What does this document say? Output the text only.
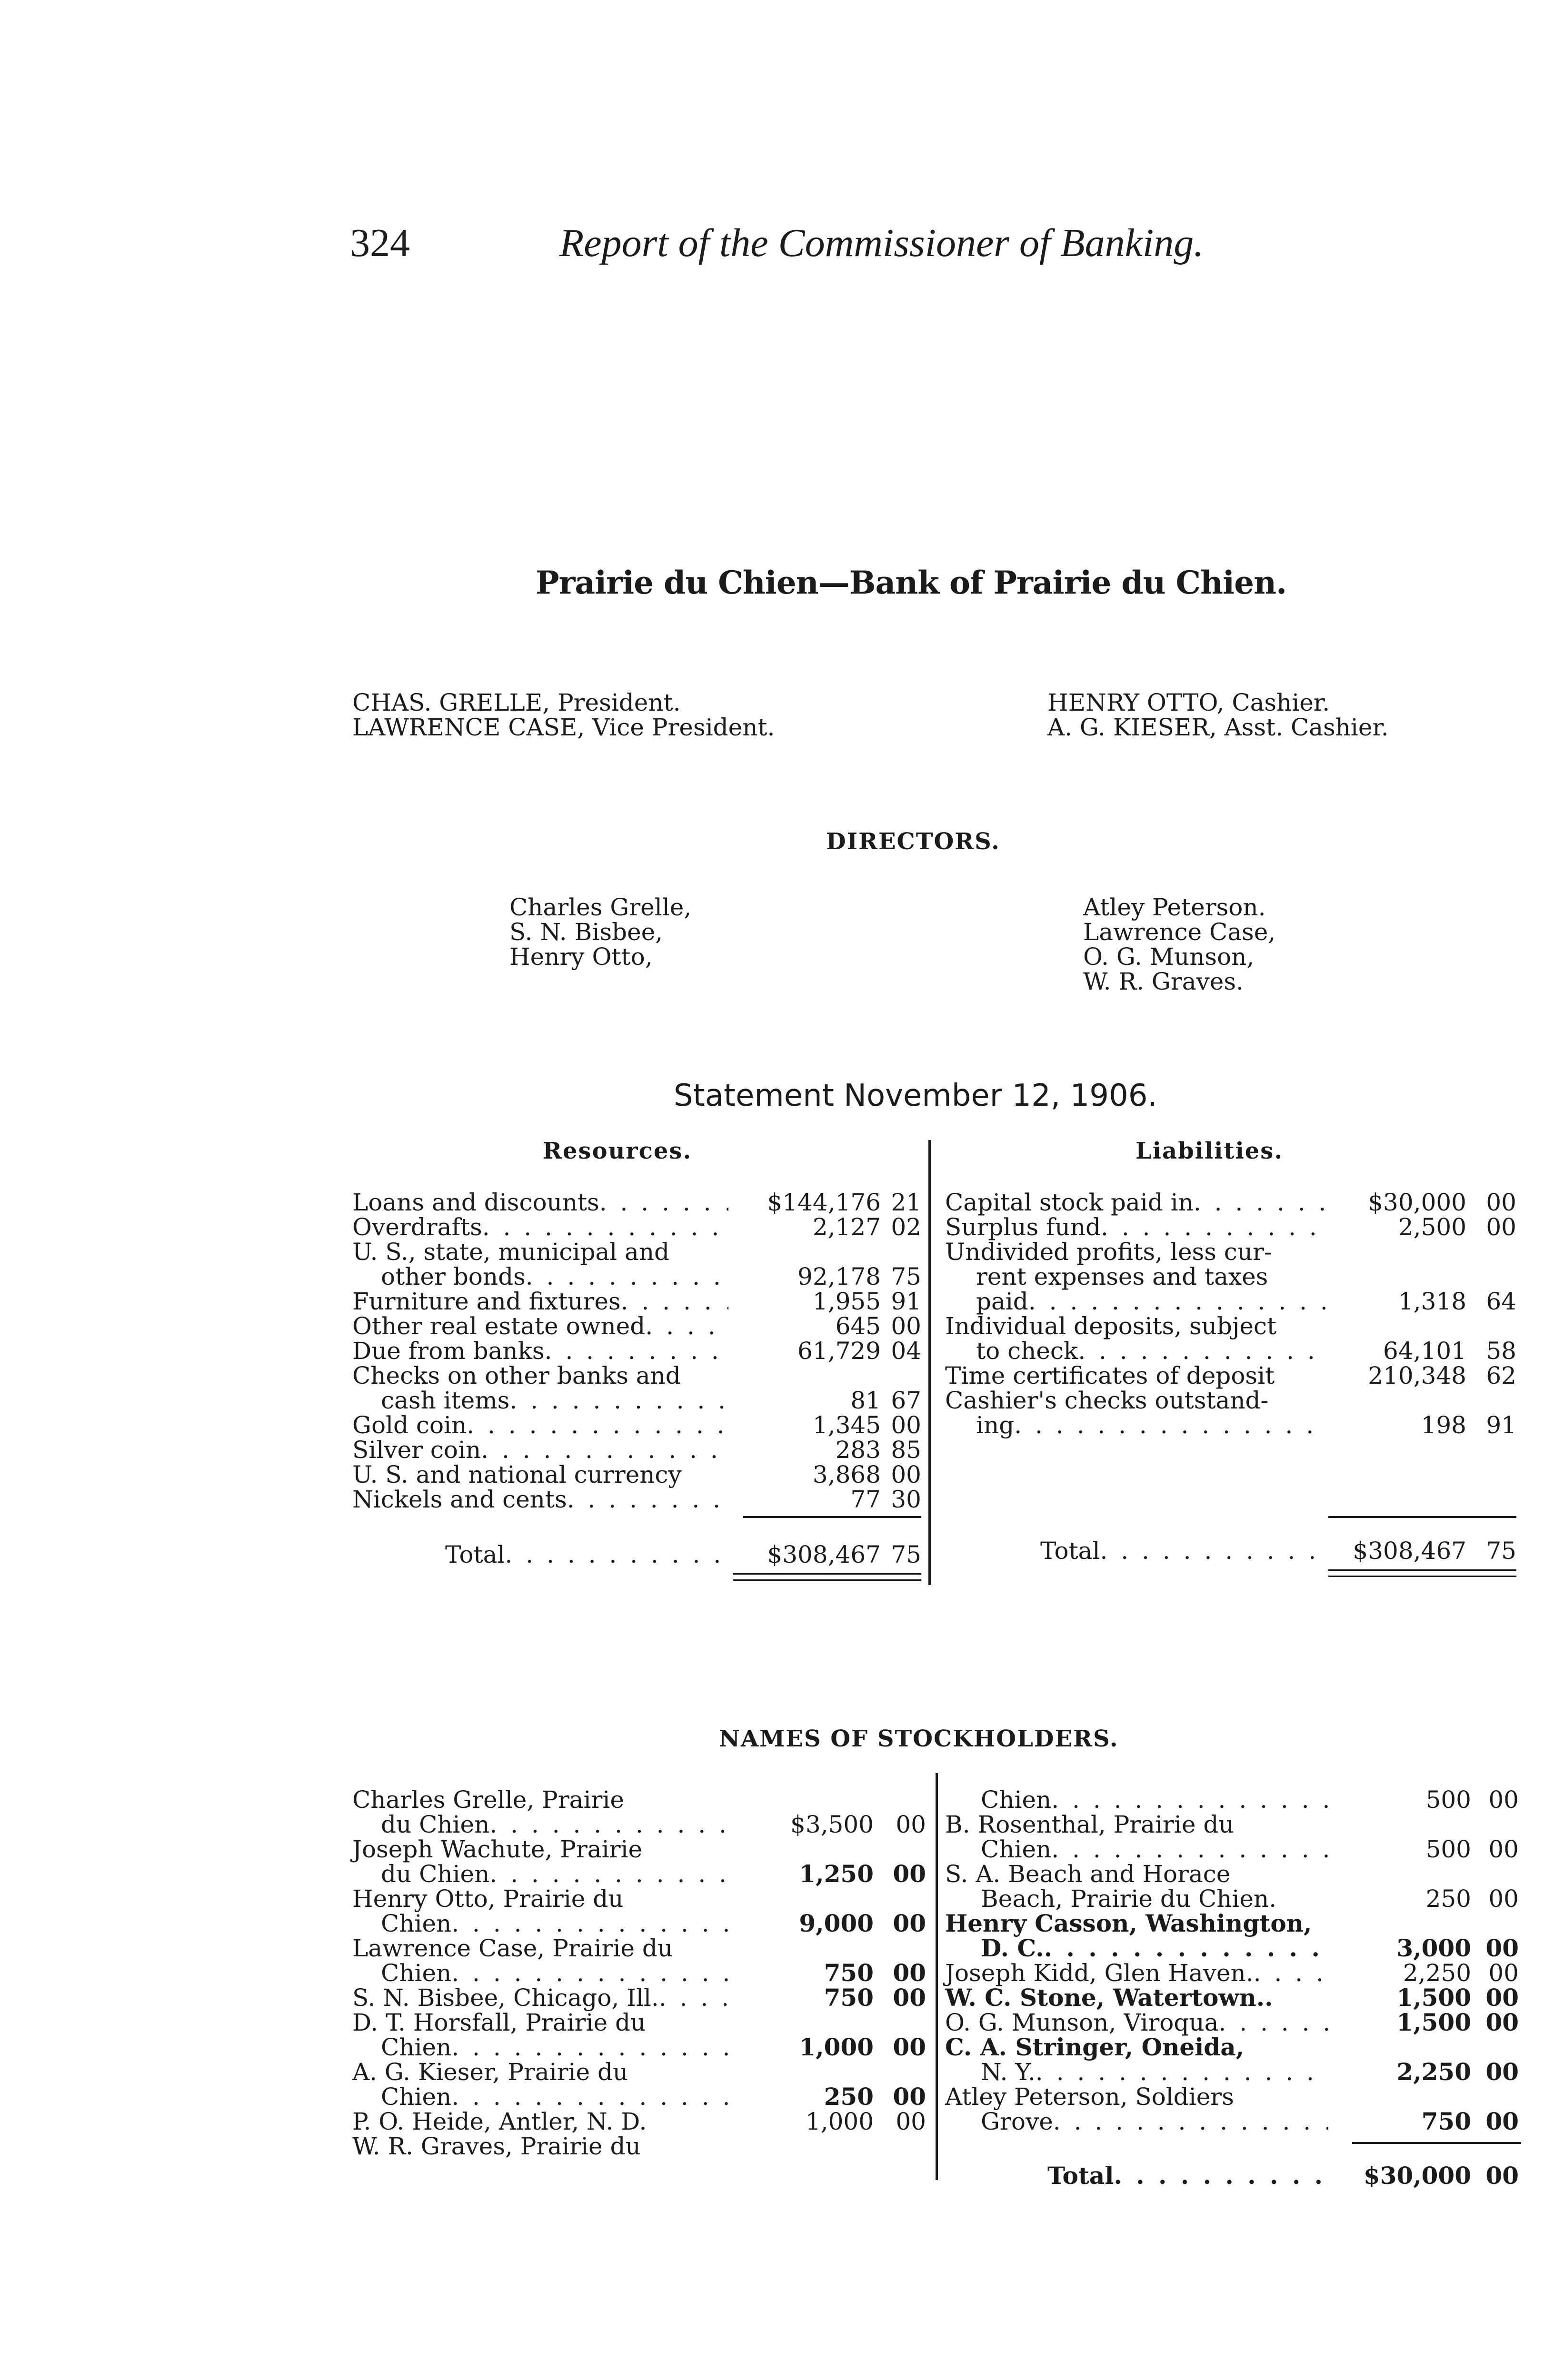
324	Report of the Commissioner of Banking.
Prairie du Chien—Bank of Prairie du Chien.
CHAS. GRELLE, President.
LAWRENCE CASE, Vice President.
HENRY OTTO, Cashier.
A. G. KIESER, Asst. Cashier.
DIRECTORS.
Charles Grelle,
S. N. Bisbee,
Henry Otto,
Atley Peterson.
Lawrence Case,
O. G. Munson,
W. R. Graves.
Statement November 12, 1906.
Resources.	Liabilities.
Loans and discounts . . .	$144,176 21
Overdrafts . . .	2,127 02
U. S., state, municipal and
other bonds . . .	92,178 75
Furniture and fixtures . . .	1,955 91
Other real estate owned . . .	645 00
Due from banks . . .	61,729 04
Checks on other banks and
cash items . . .	81 67
Gold coin . . .	1,345 00
Silver coin . . .	283 85
U. S. and national currency	3,868 00
Nickels and cents . . .	77 30
Total . . .	$308,467 75
Capital stock paid in . . .	$30,000 00
Surplus fund . . .	2,500 00
Undivided profits, less cur-
rent expenses and taxes
paid . . .	1,318 64
Individual deposits, subject
to check . . .	64,101 58
Time certificates of deposit	210,348 62
Cashier's checks outstand-
ing . . .	198 91
Total . . .	$308,467 75
NAMES OF STOCKHOLDERS.
Charles Grelle, Prairie
du Chien . . .	$3,500 00
Joseph Wachute, Prairie
du Chien . . .	1,250 00
Henry Otto, Prairie du
Chien . . .	9,000 00
Lawrence Case, Prairie du
Chien . . .	750 00
S. N. Bisbee, Chicago, Ill. . . .	750 00
D. T. Horsfall, Prairie du
Chien . . .	1,000 00
A. G. Kieser, Prairie du
Chien . . .	250 00
P. O. Heide, Antler, N. D.	1,000 00
W. R. Graves, Prairie du
Chien . . .	500 00
B. Rosenthal, Prairie du
Chien . . .	500 00
S. A. Beach and Horace
Beach, Prairie du Chien.	250 00
Henry Casson, Washington,
D. C. . . .	3,000 00
Joseph Kidd, Glen Haven. . . .	2,250 00
W. C. Stone, Watertown..	1,500 00
O. G. Munson, Viroqua . . .	1,500 00
C. A. Stringer, Oneida,
N. Y. . . .	2,250 00
Atley Peterson, Soldiers
Grove . . .	750 00
Total . . .	$30,000 00
